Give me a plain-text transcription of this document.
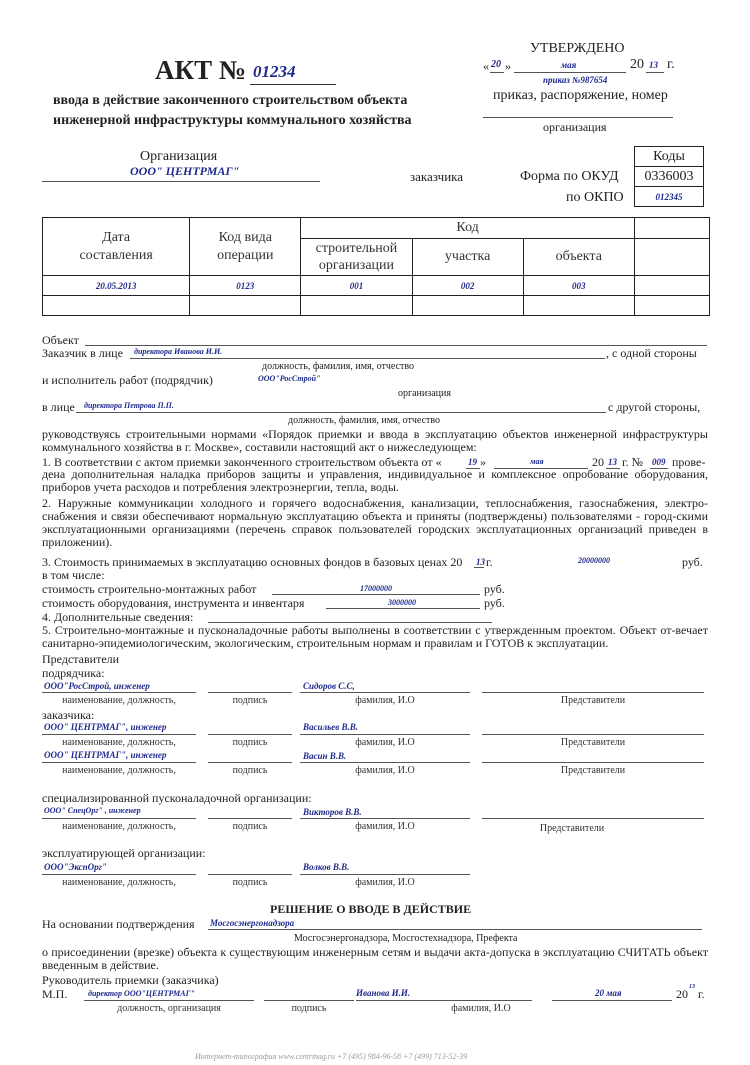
АКТ № 01234
ввода в действие законченного строительством объекта
инженерной инфраструктуры коммунального хозяйства
УТВЕРЖДЕНО
« 20 »	мая	20 13 г.
приказ №987654
приказ, распоряжение, номер
организация
Организация
ООО" ЦЕНТРМАГ"	заказчика	Форма по ОКУД
по ОКПО
Коды
0336003
012345
Дата составления	Код вида операции	Код			
		строительной организации	участка	объекта	
20.05.2013	0123	001	002	003	

Объект
Заказчик в лице директора Иванова И.И.	, с одной стороны
должность, фамилия, имя, отчество
и исполнитель работ (подрядчик)	ООО"РосСтрой"
организация
в лице директора Петрова П.П.	с другой стороны,
должность, фамилия, имя, отчество
руководствуясь строительными нормами «Порядок приемки и ввода в эксплуатацию объектов инженерной инфраструктуры коммунального хозяйства в г. Москве», составили настоящий акт о нижеследующем:
1. В соответствии с актом приемки законченного строительством объекта от «	19 »	мая	20 13 г. № 009 прове-
дена дополнительная наладка приборов защиты и управления, индивидуальное и комплексное опробование оборудования, приборов учета расходов и потребления электроэнергии, тепла, воды.
2. Наружные коммуникации холодного и горячего водоснабжения, канализации, теплоснабжения, газоснабжения, электро-снабжения и связи обеспечивают нормальную эксплуатацию объекта и приняты (подтверждены) пользователями - город-скими эксплуатационными организациями (перечень справок пользователей городских эксплуатационных организаций приведен в приложении).
3. Стоимость принимаемых в эксплуатацию основных фондов в базовых ценах 20 13 г.	20000000	руб.
в том числе:
стоимость строительно-монтажных работ	17000000	руб.
стоимость оборудования, инструмента и инвентаря	3000000	руб.
4. Дополнительные сведения:
5. Строительно-монтажные и пусконаладочные работы выполнены в соответствии с утвержденным проектом. Объект от-вечает санитарно-эпидемиологическим, экологическим, строительным нормам и правилам и ГОТОВ к эксплуатации.
Представители
подрядчика:
ООО"РосСтрой, инженер	Сидоров С.С,
наименование, должность,	подпись	фамилия, И.О	Представители
заказчика:
ООО" ЦЕНТРМАГ", инженер	Васильев В.В.
наименование, должность,	подпись	фамилия, И.О	Представители
ООО" ЦЕНТРМАГ", инженер	Васин В.В.
наименование, должность,	подпись	фамилия, И.О	Представители
специализированной пусконаладочной организации:
ООО" СпецОрг" , инженер	Викторов В.В.
наименование, должность,	подпись	фамилия, И.О	Представители
эксплуатирующей организации:
ООО"ЭкспОрг"	Волков В.В.
наименование, должность,	подпись	фамилия, И.О
РЕШЕНИЕ О ВВОДЕ В ДЕЙСТВИЕ
На основании подтверждения Мосгосэнергонадзора
Мосгосэнергонадзора, Мосгостехнадзора, Префекта
о присоединении (врезке) объекта к существующим инженерным сетям и выдачи акта-допуска в эксплуатацию СЧИТАТЬ объект введенным в действие.
Руководитель приемки (заказчика)
М.П.	директор ООО"ЦЕНТРМАГ"	Иванова И.И.	20 мая	20 13 г.
должность, организация	подпись	фамилия, И.О
Интернет-типография www.centrmag.ru +7 (495) 984-96-58 +7 (499) 713-52-39
